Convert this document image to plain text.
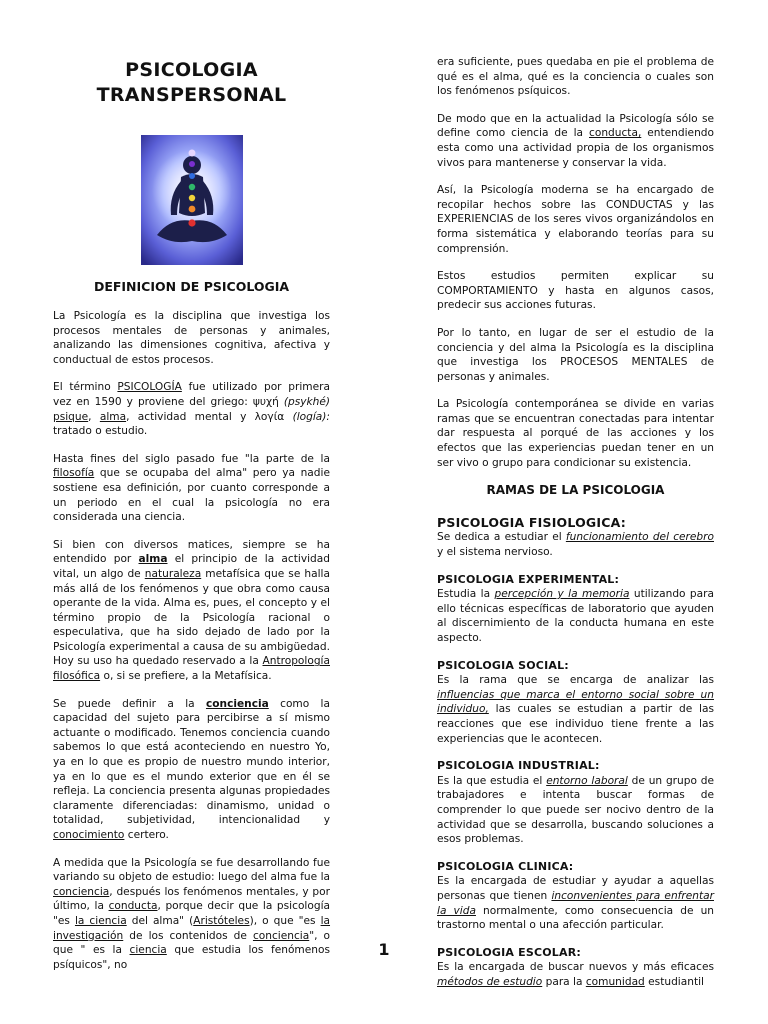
PSICOLOGIA
TRANSPERSONAL
DEFINICION DE PSICOLOGIA

La Psicología es la disciplina que investiga los procesos mentales de personas y animales, analizando las dimensiones cognitiva, afectiva y conductual de estos procesos.

El término PSICOLOGÍA fue utilizado por primera vez en 1590 y proviene del griego: ψυχή (psykhé) psique, alma, actividad mental y λογία (logía): tratado o estudio.

Hasta fines del siglo pasado fue "la parte de la filosofía que se ocupaba del alma" pero ya nadie sostiene esa definición, por cuanto corresponde a un periodo en el cual la psicología no era considerada una ciencia.

Si bien con diversos matices, siempre se ha entendido por alma el principio de la actividad vital, un algo de naturaleza metafísica que se halla más allá de los fenómenos y que obra como causa operante de la vida. Alma es, pues, el concepto y el término propio de la Psicología racional o especulativa, que ha sido dejado de lado por la Psicología experimental a causa de su ambigüedad. Hoy su uso ha quedado reservado a la Antropología filosófica o, si se prefiere, a la Metafísica.

Se puede definir a la conciencia como la capacidad del sujeto para percibirse a sí mismo actuante o modificado. Tenemos conciencia cuando sabemos lo que está aconteciendo en nuestro Yo, ya en lo que es propio de nuestro mundo interior, ya en lo que es el mundo exterior que en él se refleja. La conciencia presenta algunas propiedades claramente diferenciadas: dinamismo, unidad o totalidad, subjetividad, intencionalidad y conocimiento certero.

A medida que la Psicología se fue desarrollando fue variando su objeto de estudio: luego del alma fue la conciencia, después los fenómenos mentales, y por último, la conducta, porque decir que la psicología "es la ciencia del alma" (Aristóteles), o que "es la investigación de los contenidos de conciencia", o que " es la ciencia que estudia los fenómenos psíquicos", no

era suficiente, pues quedaba en pie el problema de qué es el alma, qué es la conciencia o cuales son los fenómenos psíquicos.

De modo que en la actualidad la Psicología sólo se define como ciencia de la conducta, entendiendo esta como una actividad propia de los organismos vivos para mantenerse y conservar la vida.

Así, la Psicología moderna se ha encargado de recopilar hechos sobre las CONDUCTAS y las EXPERIENCIAS de los seres vivos organizándolos en forma sistemática y elaborando teorías para su comprensión.

Estos estudios permiten explicar su COMPORTAMIENTO y hasta en algunos casos, predecir sus acciones futuras.

Por lo tanto, en lugar de ser el estudio de la conciencia y del alma la Psicología es la disciplina que investiga los PROCESOS MENTALES de personas y animales.

La Psicología contemporánea se divide en varias ramas que se encuentran conectadas para intentar dar respuesta al porqué de las acciones y los efectos que las experiencias puedan tener en un ser vivo o grupo para condicionar su existencia.

RAMAS DE LA PSICOLOGIA
PSICOLOGIA FISIOLOGICA:

Se dedica a estudiar el funcionamiento del cerebro y el sistema nervioso.

PSICOLOGIA EXPERIMENTAL:

Estudia la percepción y la memoria utilizando para ello técnicas específicas de laboratorio que ayuden al discernimiento de la conducta humana en este aspecto.

PSICOLOGIA SOCIAL:

Es la rama que se encarga de analizar las influencias que marca el entorno social sobre un individuo, las cuales se estudian a partir de las reacciones que ese individuo tiene frente a las experiencias que le acontecen.

PSICOLOGIA INDUSTRIAL:

Es la que estudia el entorno laboral de un grupo de trabajadores e intenta buscar formas de comprender lo que puede ser nocivo dentro de la actividad que se desarrolla, buscando soluciones a esos problemas.

PSICOLOGIA CLINICA:

Es la encargada de estudiar y ayudar a aquellas personas que tienen inconvenientes para enfrentar la vida normalmente, como consecuencia de un trastorno mental o una afección particular.

PSICOLOGIA ESCOLAR:

Es la encargada de buscar nuevos y más eficaces métodos de estudio para la comunidad estudiantil

1
